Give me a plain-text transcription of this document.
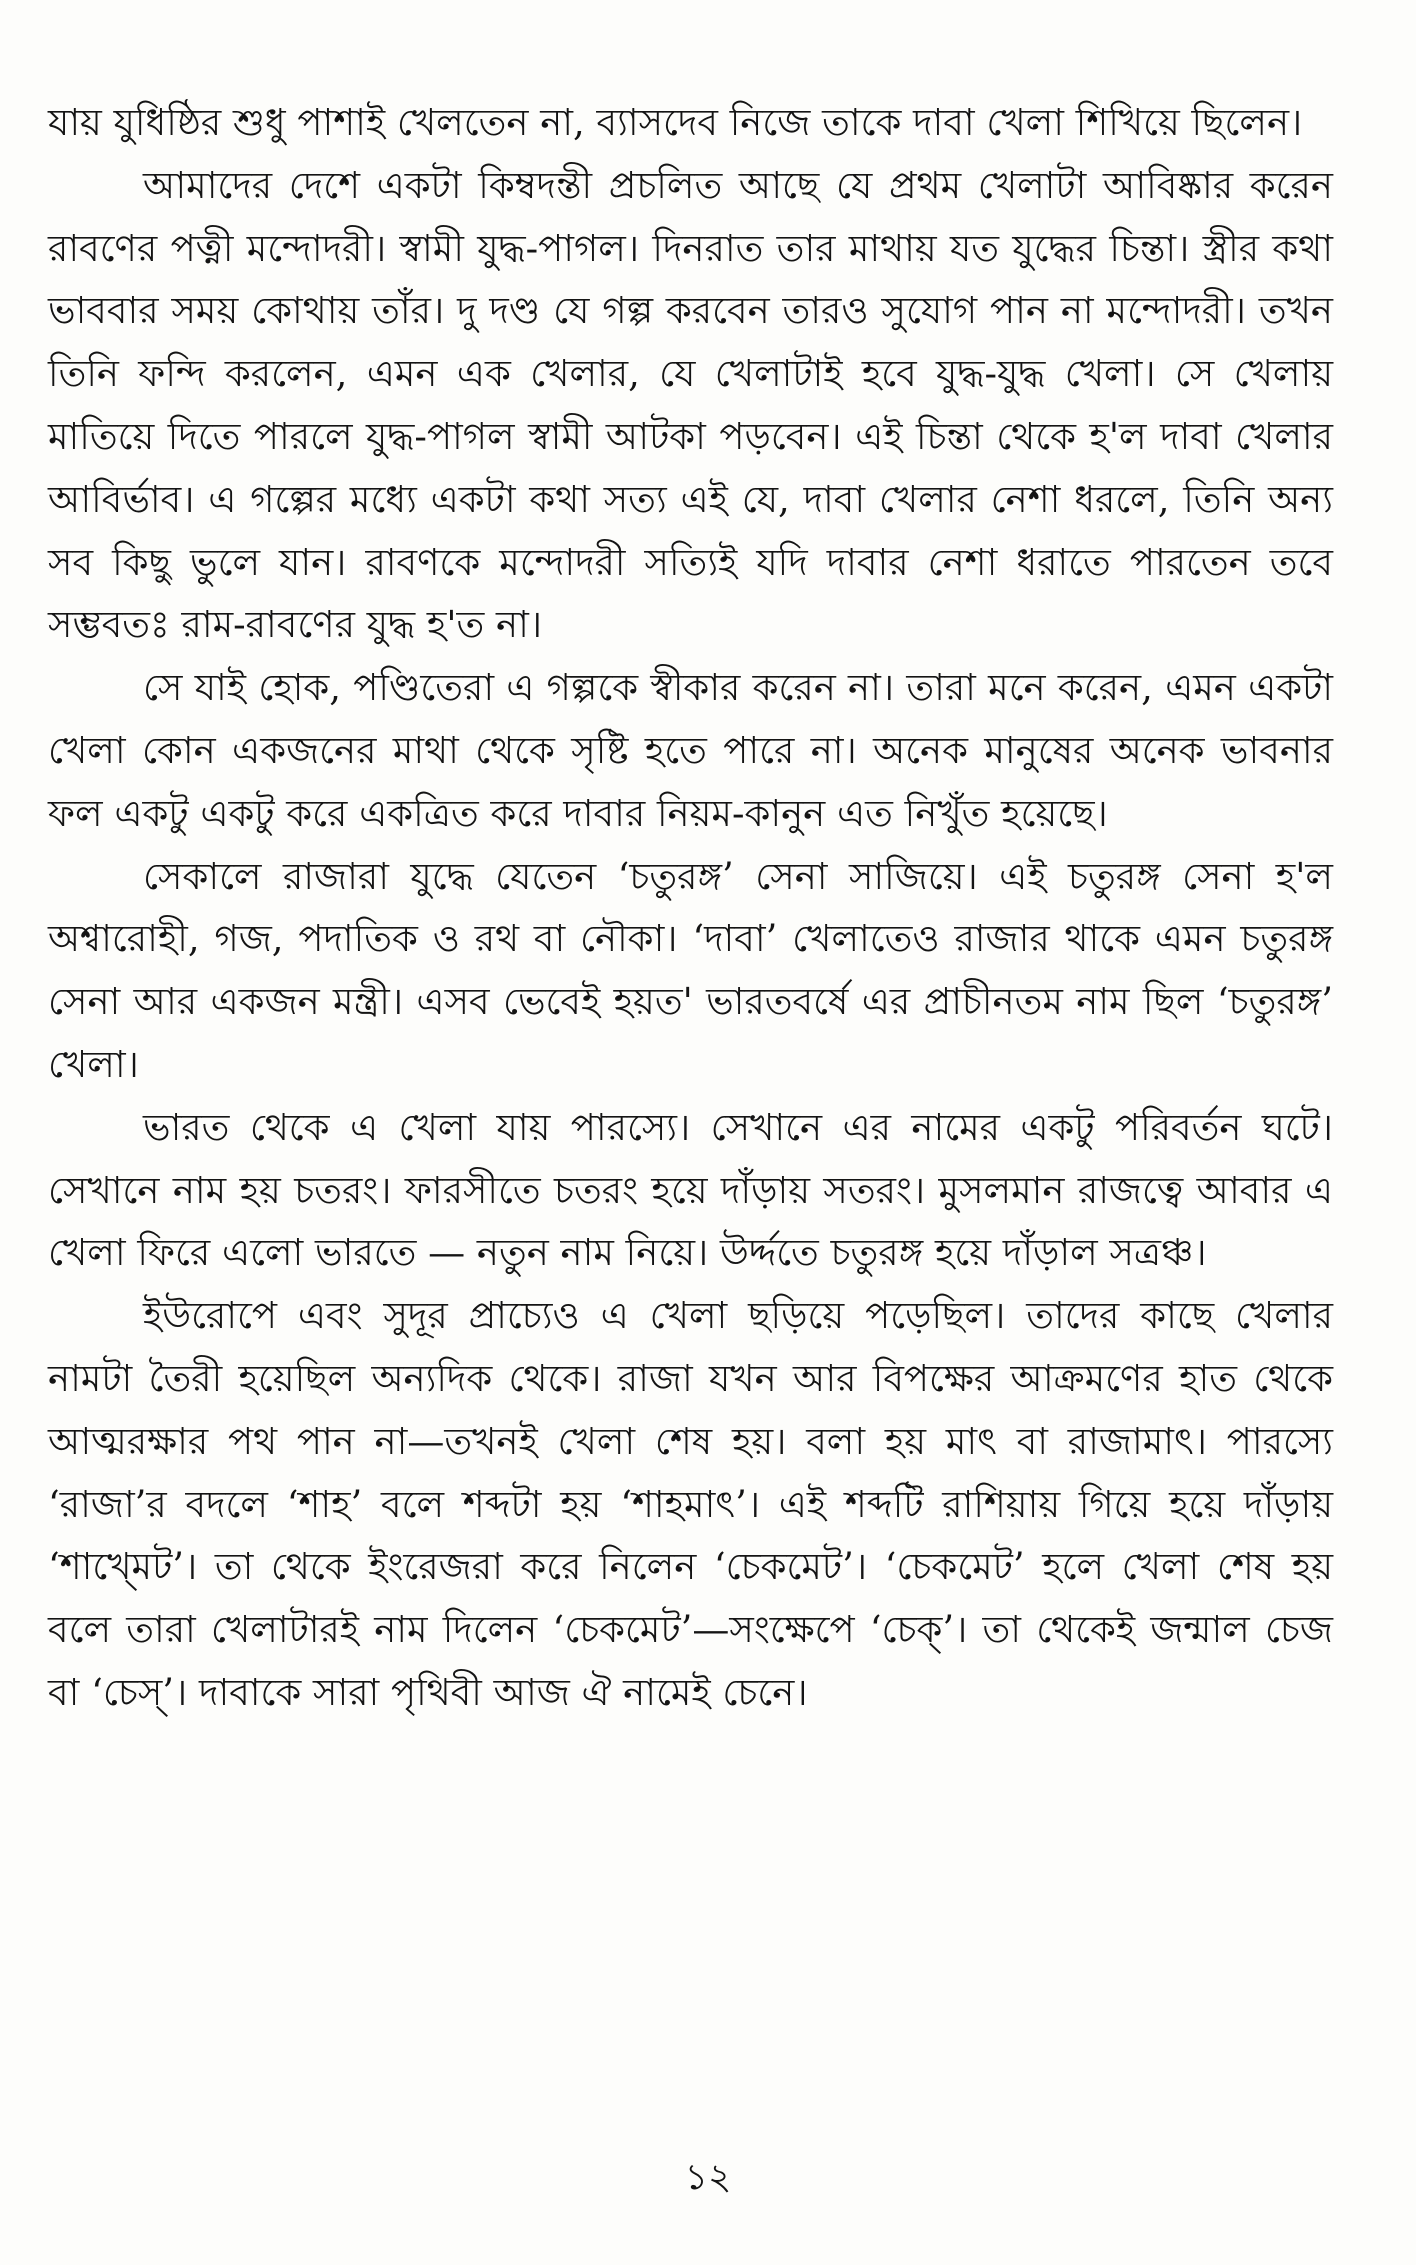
যায় যুধিষ্ঠির শুধু পাশাই খেলতেন না, ব্যাসদেব নিজে তাকে দাবা খেলা শিখিয়ে ছিলেন।

আমাদের দেশে একটা কিম্বদন্তী প্রচলিত আছে যে প্রথম খেলাটা আবিষ্কার করেন রাবণের পত্নী মন্দোদরী। স্বামী যুদ্ধ-পাগল। দিনরাত তার মাথায় যত যুদ্ধের চিন্তা। স্ত্রীর কথা ভাববার সময় কোথায় তাঁর। দু দণ্ড যে গল্প করবেন তারও সুযোগ পান না মন্দোদরী। তখন তিনি ফন্দি করলেন, এমন এক খেলার, যে খেলাটাই হবে যুদ্ধ-যুদ্ধ খেলা। সে খেলায় মাতিয়ে দিতে পারলে যুদ্ধ-পাগল স্বামী আটকা পড়বেন। এই চিন্তা থেকে হ'ল দাবা খেলার আবির্ভাব। এ গল্পের মধ্যে একটা কথা সত্য এই যে, দাবা খেলার নেশা ধরলে, তিনি অন্য সব কিছু ভুলে যান। রাবণকে মন্দোদরী সত্যিই যদি দাবার নেশা ধরাতে পারতেন তবে সম্ভবতঃ রাম-রাবণের যুদ্ধ হ'ত না।

সে যাই হোক, পণ্ডিতেরা এ গল্পকে স্বীকার করেন না। তারা মনে করেন, এমন একটা খেলা কোন একজনের মাথা থেকে সৃষ্টি হতে পারে না। অনেক মানুষের অনেক ভাবনার ফল একটু একটু করে একত্রিত করে দাবার নিয়ম-কানুন এত নিখুঁত হয়েছে।

সেকালে রাজারা যুদ্ধে যেতেন ‘চতুরঙ্গ’ সেনা সাজিয়ে। এই চতুরঙ্গ সেনা হ'ল অশ্বারোহী, গজ, পদাতিক ও রথ বা নৌকা। ‘দাবা’ খেলাতেও রাজার থাকে এমন চতুরঙ্গ সেনা আর একজন মন্ত্রী। এসব ভেবেই হয়ত' ভারতবর্ষে এর প্রাচীনতম নাম ছিল ‘চতুরঙ্গ’ খেলা।

ভারত থেকে এ খেলা যায় পারস্যে। সেখানে এর নামের একটু পরিবর্তন ঘটে। সেখানে নাম হয় চতরং। ফারসীতে চতরং হয়ে দাঁড়ায় সতরং। মুসলমান রাজত্বে আবার এ খেলা ফিরে এলো ভারতে — নতুন নাম নিয়ে। উর্দ্দতে চতুরঙ্গ হয়ে দাঁড়াল সত্রঞ্চ।

ইউরোপে এবং সুদূর প্রাচ্যেও এ খেলা ছড়িয়ে পড়েছিল। তাদের কাছে খেলার নামটা তৈরী হয়েছিল অন্যদিক থেকে। রাজা যখন আর বিপক্ষের আক্রমণের হাত থেকে আত্মরক্ষার পথ পান না—তখনই খেলা শেষ হয়। বলা হয় মাৎ বা রাজামাৎ। পারস্যে ‘রাজা’র বদলে ‘শাহ’ বলে শব্দটা হয় ‘শাহমাৎ’। এই শব্দটি রাশিয়ায় গিয়ে হয়ে দাঁড়ায় ‘শাখ্মেট’। তা থেকে ইংরেজরা করে নিলেন ‘চেকমেট’। ‘চেকমেট’ হলে খেলা শেষ হয় বলে তারা খেলাটারই নাম দিলেন ‘চেকমেট’—সংক্ষেপে ‘চেক্’। তা থেকেই জন্মাল চেজ বা ‘চেস্’। দাবাকে সারা পৃথিবী আজ ঐ নামেই চেনে।

১২
